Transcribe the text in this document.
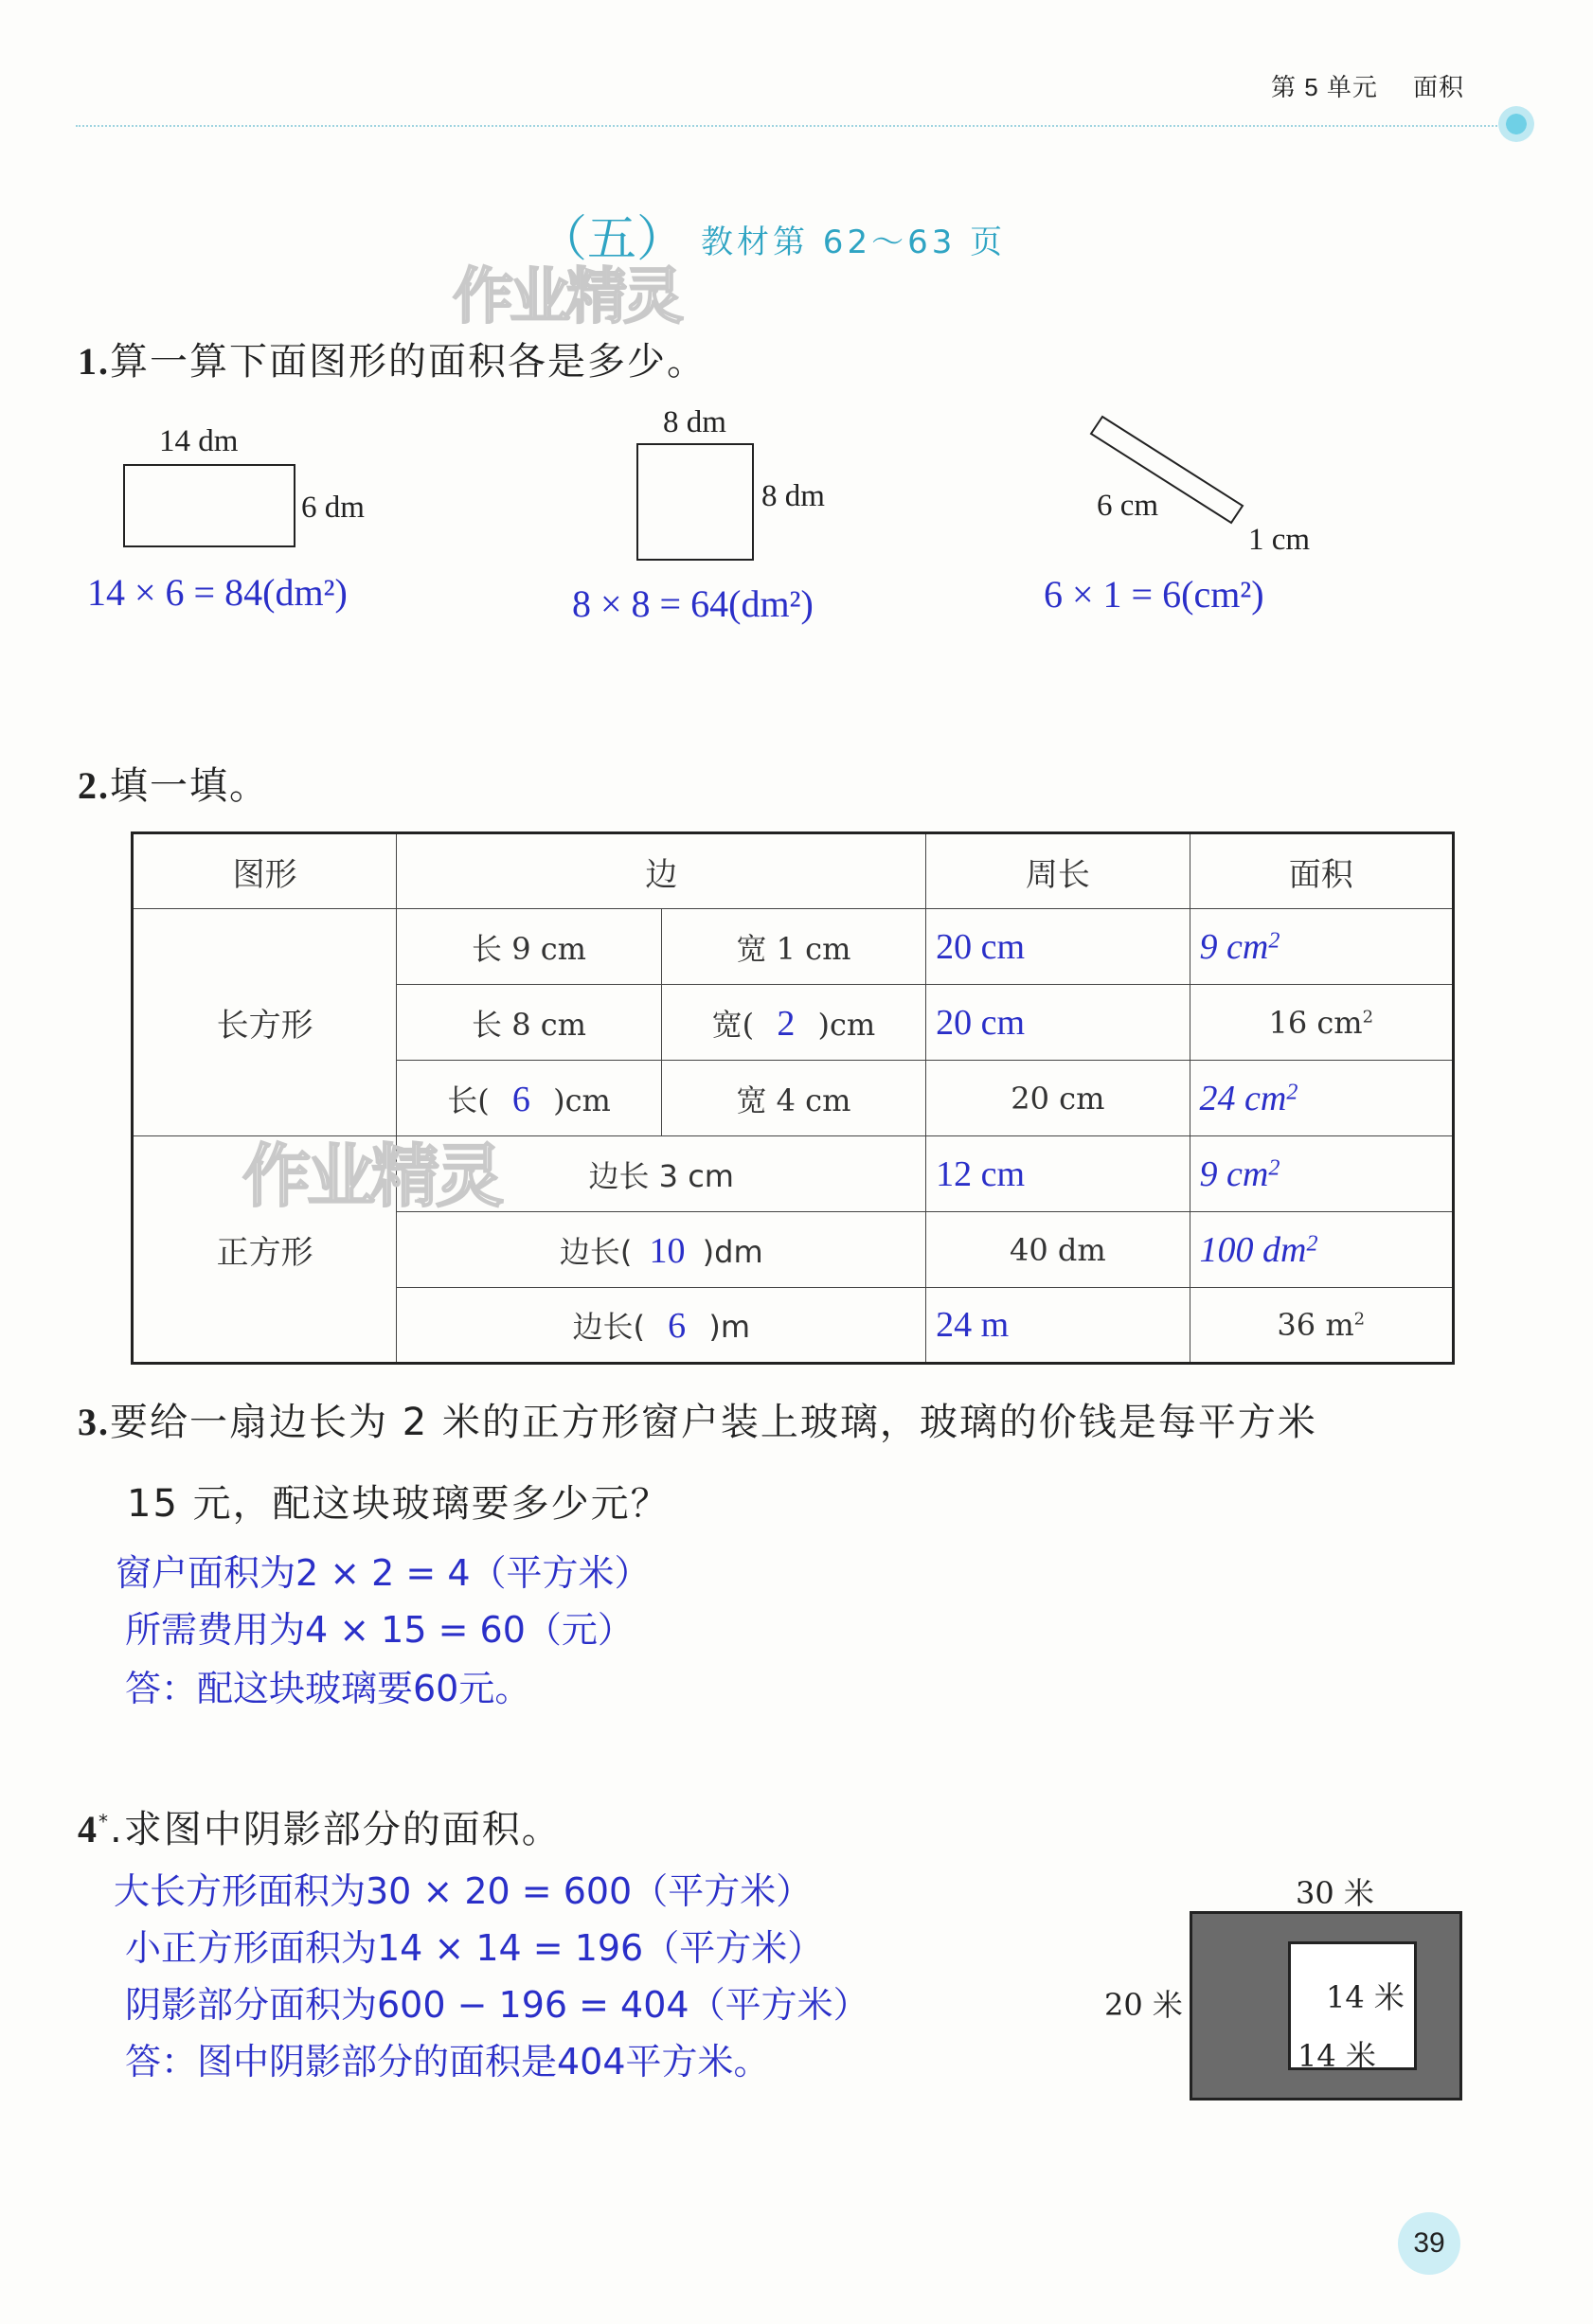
第 5 单元 面积
（五） 教材第 62～63 页
作业精灵
1.算一算下面图形的面积各是多少。
14 dm
6 dm
14 × 6 = 84(dm²)
8 dm
8 dm
8 × 8 = 64(dm²)
6 cm
1 cm
6 × 1 = 6(cm²)
2.填一填。
图形	边		周长	面积
长方形	长 9 cm	宽 1 cm	20 cm	9 $cm^2$
	长 8 cm	宽( 2 )cm	20 cm	16 $cm^2$
	长( 6 )cm	宽 4 cm	20 cm	24 $cm^2$
正方形	边长 3 cm		12 cm	9 $cm^2$
	边长( 10 )dm		40 dm	100 $dm^2$
	边长( 6 )m		24 m	36 $m^2$
作业精灵
3.要给一扇边长为 2 米的正方形窗户装上玻璃，玻璃的价钱是每平方米
15 元，配这块玻璃要多少元？
窗户面积为2 × 2 = 4（平方米）
所需费用为4 × 15 = 60（元）
答：配这块玻璃要60元。
4*.求图中阴影部分的面积。
大长方形面积为30 × 20 = 600（平方米）
小正方形面积为14 × 14 = 196（平方米）
阴影部分面积为600 − 196 = 404（平方米）
答：图中阴影部分的面积是404平方米。
30 米
20 米	14 米
14 米
39
